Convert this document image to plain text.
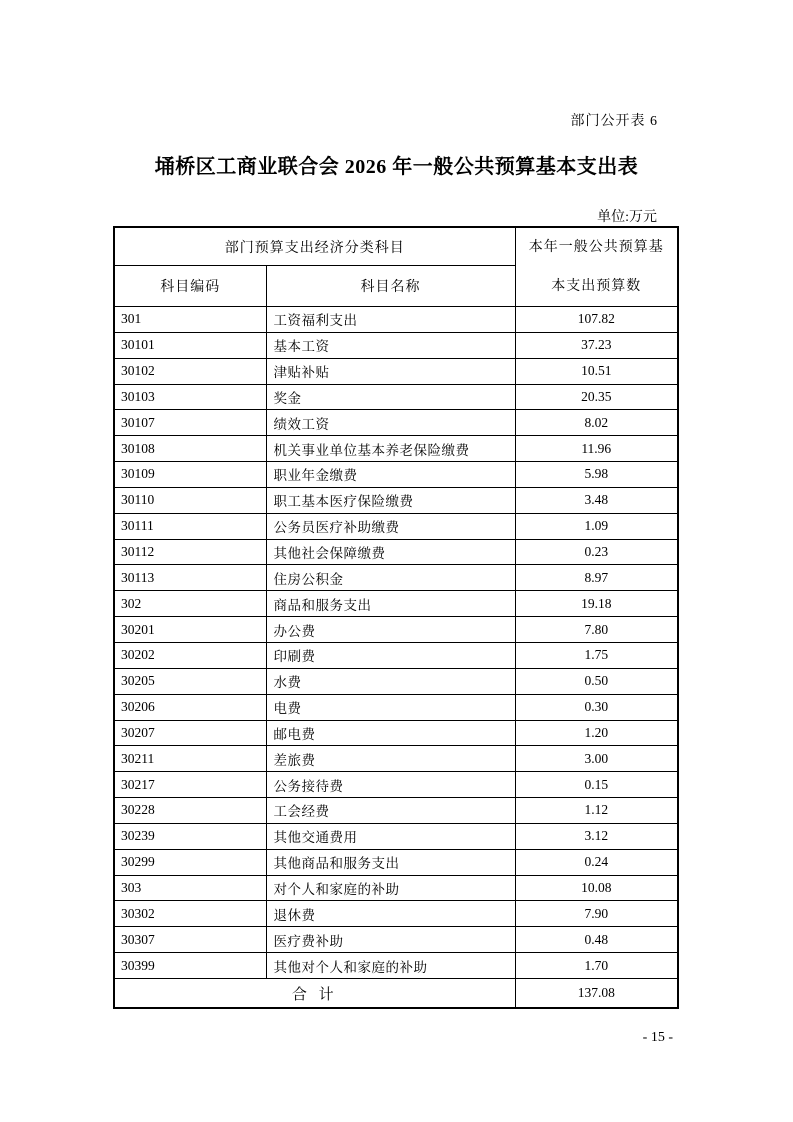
部门公开表 6
埇桥区工商业联合会 2026 年一般公共预算基本支出表
单位:万元
部门预算支出经济分类科目		本年一般公共预算基
本支出预算数

科目编码	科目名称	
301	工资福利支出	107.82
30101	基本工资	37.23
30102	津贴补贴	10.51
30103	奖金	20.35
30107	绩效工资	8.02
30108	机关事业单位基本养老保险缴费	11.96
30109	职业年金缴费	5.98
30110	职工基本医疗保险缴费	3.48
30111	公务员医疗补助缴费	1.09
30112	其他社会保障缴费	0.23
30113	住房公积金	8.97
302	商品和服务支出	19.18
30201	办公费	7.80
30202	印刷费	1.75
30205	水费	0.50
30206	电费	0.30
30207	邮电费	1.20
30211	差旅费	3.00
30217	公务接待费	0.15
30228	工会经费	1.12
30239	其他交通费用	3.12
30299	其他商品和服务支出	0.24
303	对个人和家庭的补助	10.08
30302	退休费	7.90
30307	医疗费补助	0.48
30399	其他对个人和家庭的补助	1.70
合 计		137.08
- 15 -
